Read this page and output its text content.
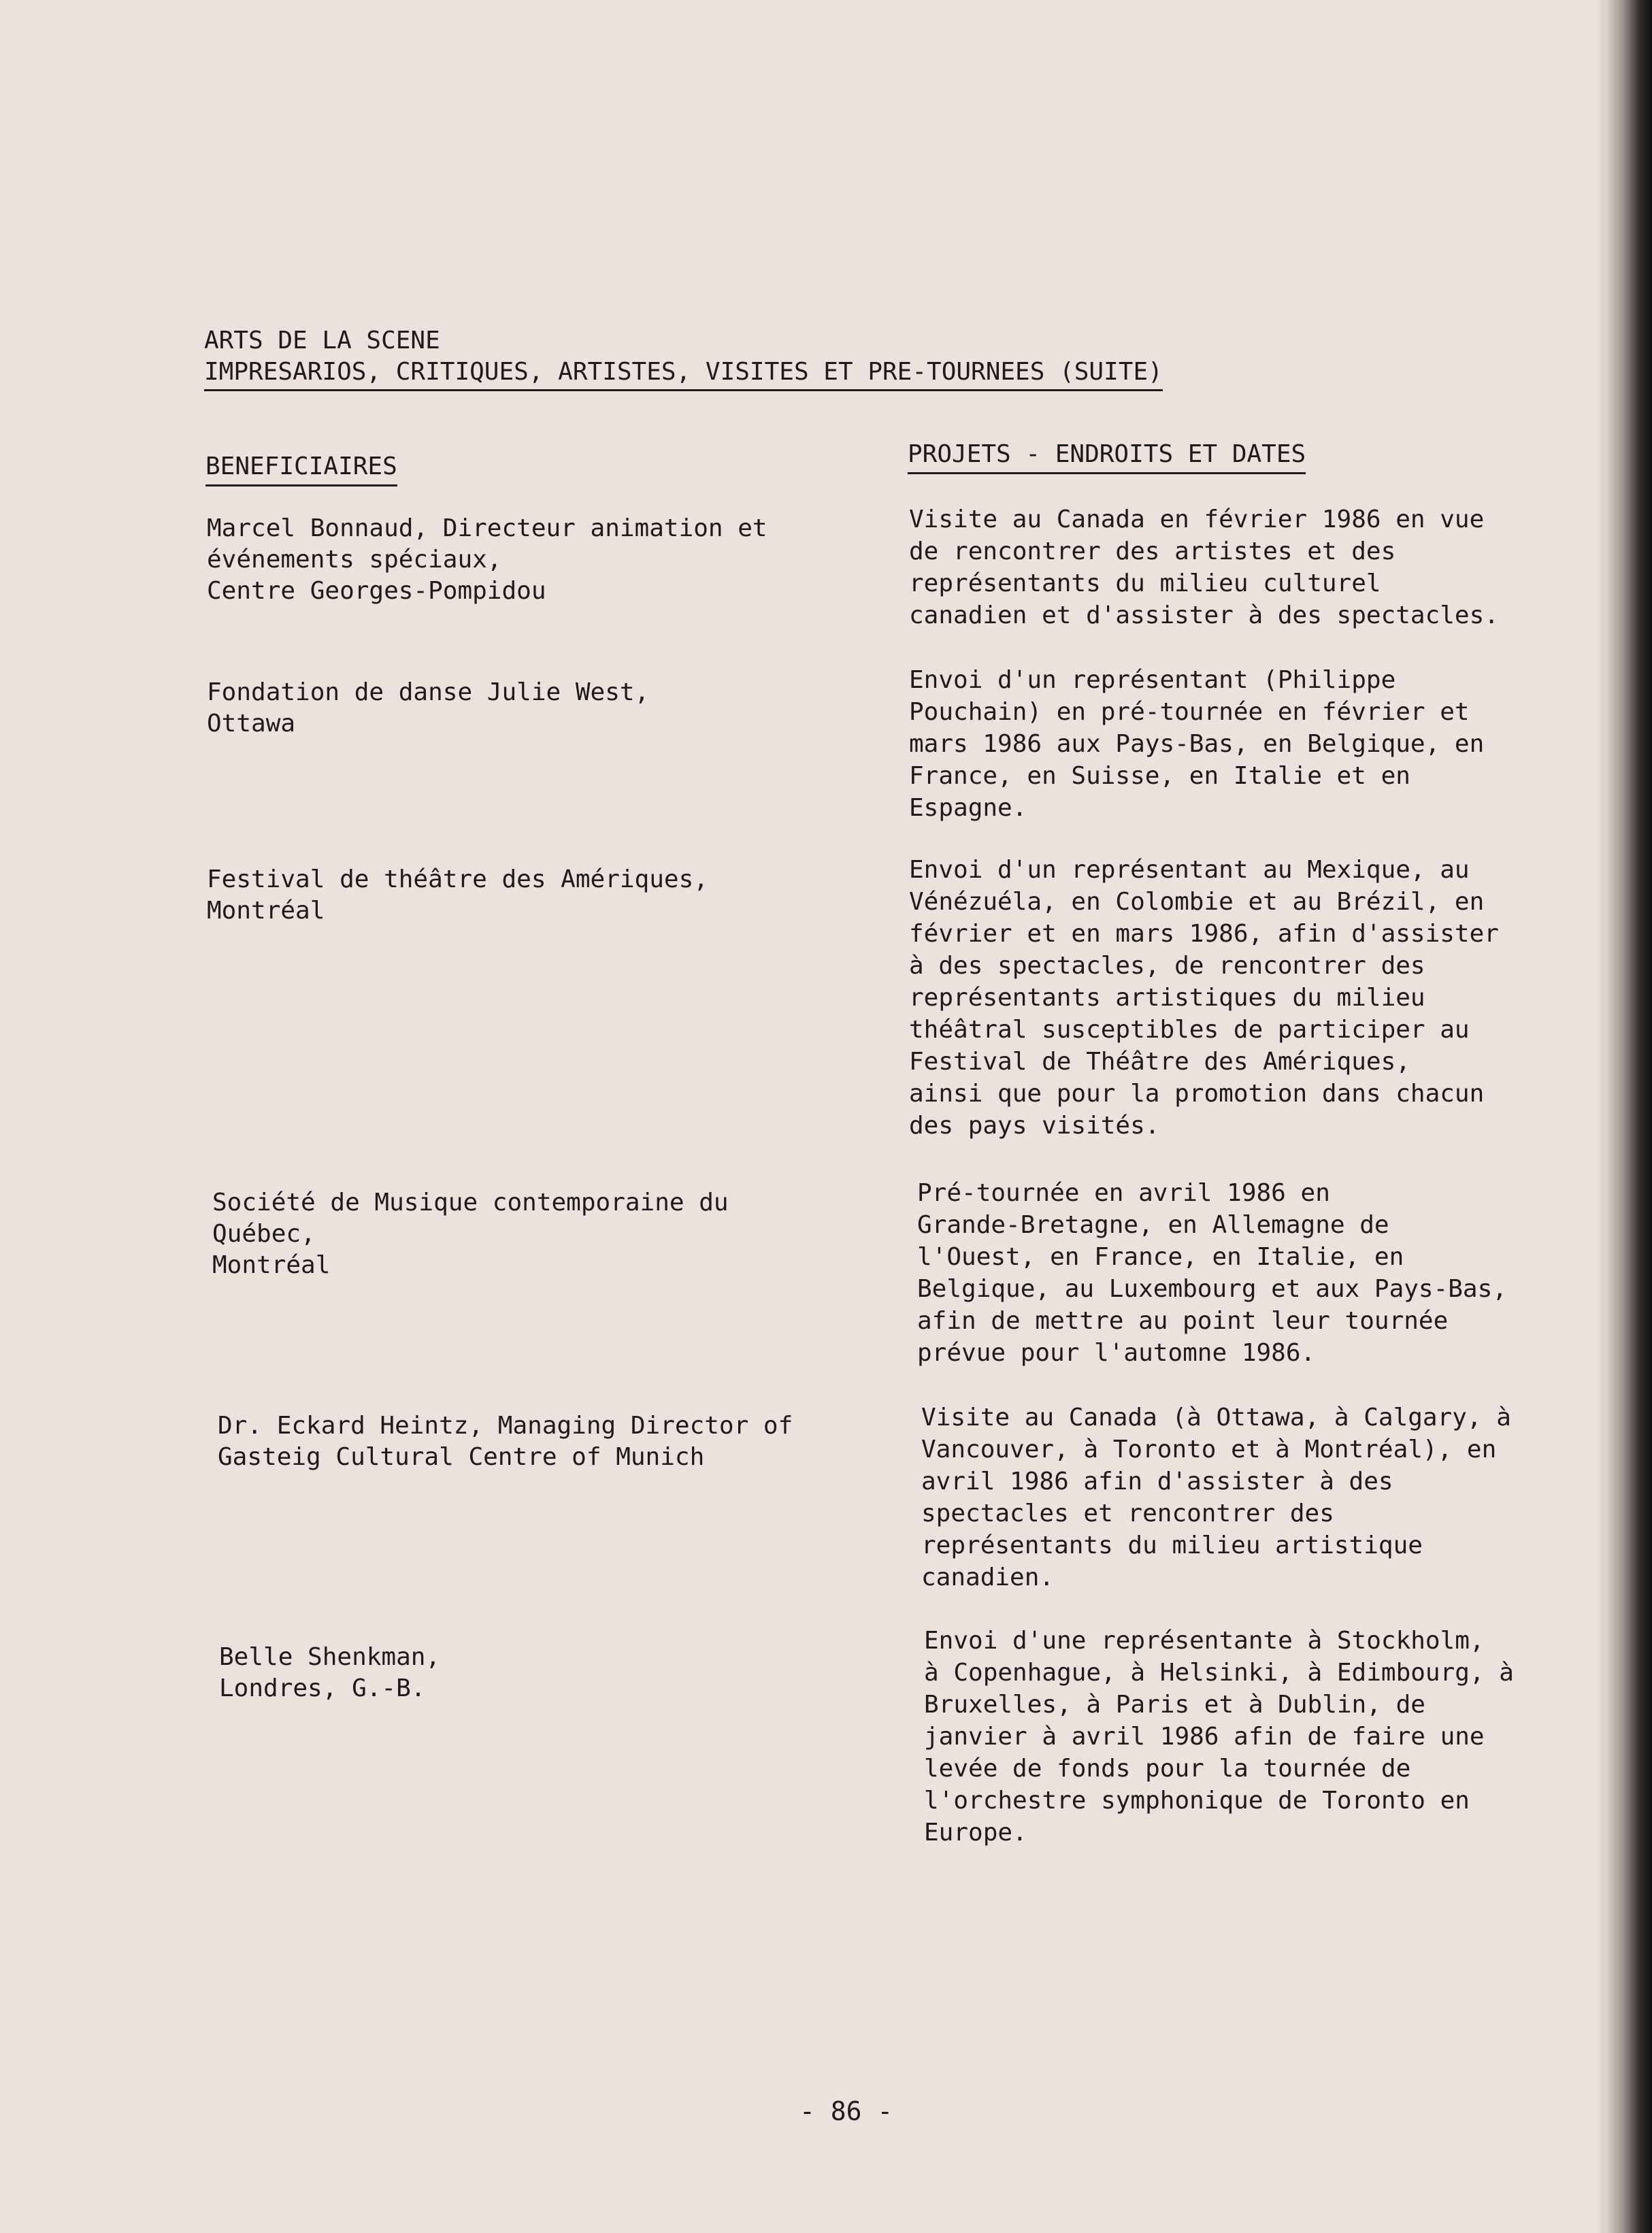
ARTS DE LA SCENE
IMPRESARIOS, CRITIQUES, ARTISTES, VISITES ET PRE-TOURNEES (SUITE)
BENEFICIAIRES	PROJETS - ENDROITS ET DATES
Marcel Bonnaud, Directeur animation et
événements spéciaux,
Centre Georges-Pompidou
Visite au Canada en février 1986 en vue
de rencontrer des artistes et des
représentants du milieu culturel
canadien et d'assister à des spectacles.
Fondation de danse Julie West,
Ottawa
Envoi d'un représentant (Philippe
Pouchain) en pré-tournée en février et
mars 1986 aux Pays-Bas, en Belgique, en
France, en Suisse, en Italie et en
Espagne.
Festival de théâtre des Amériques,
Montréal
Envoi d'un représentant au Mexique, au
Vénézuéla, en Colombie et au Brézil, en
février et en mars 1986, afin d'assister
à des spectacles, de rencontrer des
représentants artistiques du milieu
théâtral susceptibles de participer au
Festival de Théâtre des Amériques,
ainsi que pour la promotion dans chacun
des pays visités.
Société de Musique contemporaine du
Québec,
Montréal
Pré-tournée en avril 1986 en
Grande-Bretagne, en Allemagne de
l'Ouest, en France, en Italie, en
Belgique, au Luxembourg et aux Pays-Bas,
afin de mettre au point leur tournée
prévue pour l'automne 1986.
Dr. Eckard Heintz, Managing Director of
Gasteig Cultural Centre of Munich
Visite au Canada (à Ottawa, à Calgary, à
Vancouver, à Toronto et à Montréal), en
avril 1986 afin d'assister à des
spectacles et rencontrer des
représentants du milieu artistique
canadien.
Belle Shenkman,
Londres, G.-B.
Envoi d'une représentante à Stockholm,
à Copenhague, à Helsinki, à Edimbourg, à
Bruxelles, à Paris et à Dublin, de
janvier à avril 1986 afin de faire une
levée de fonds pour la tournée de
l'orchestre symphonique de Toronto en
Europe.
- 86 -
